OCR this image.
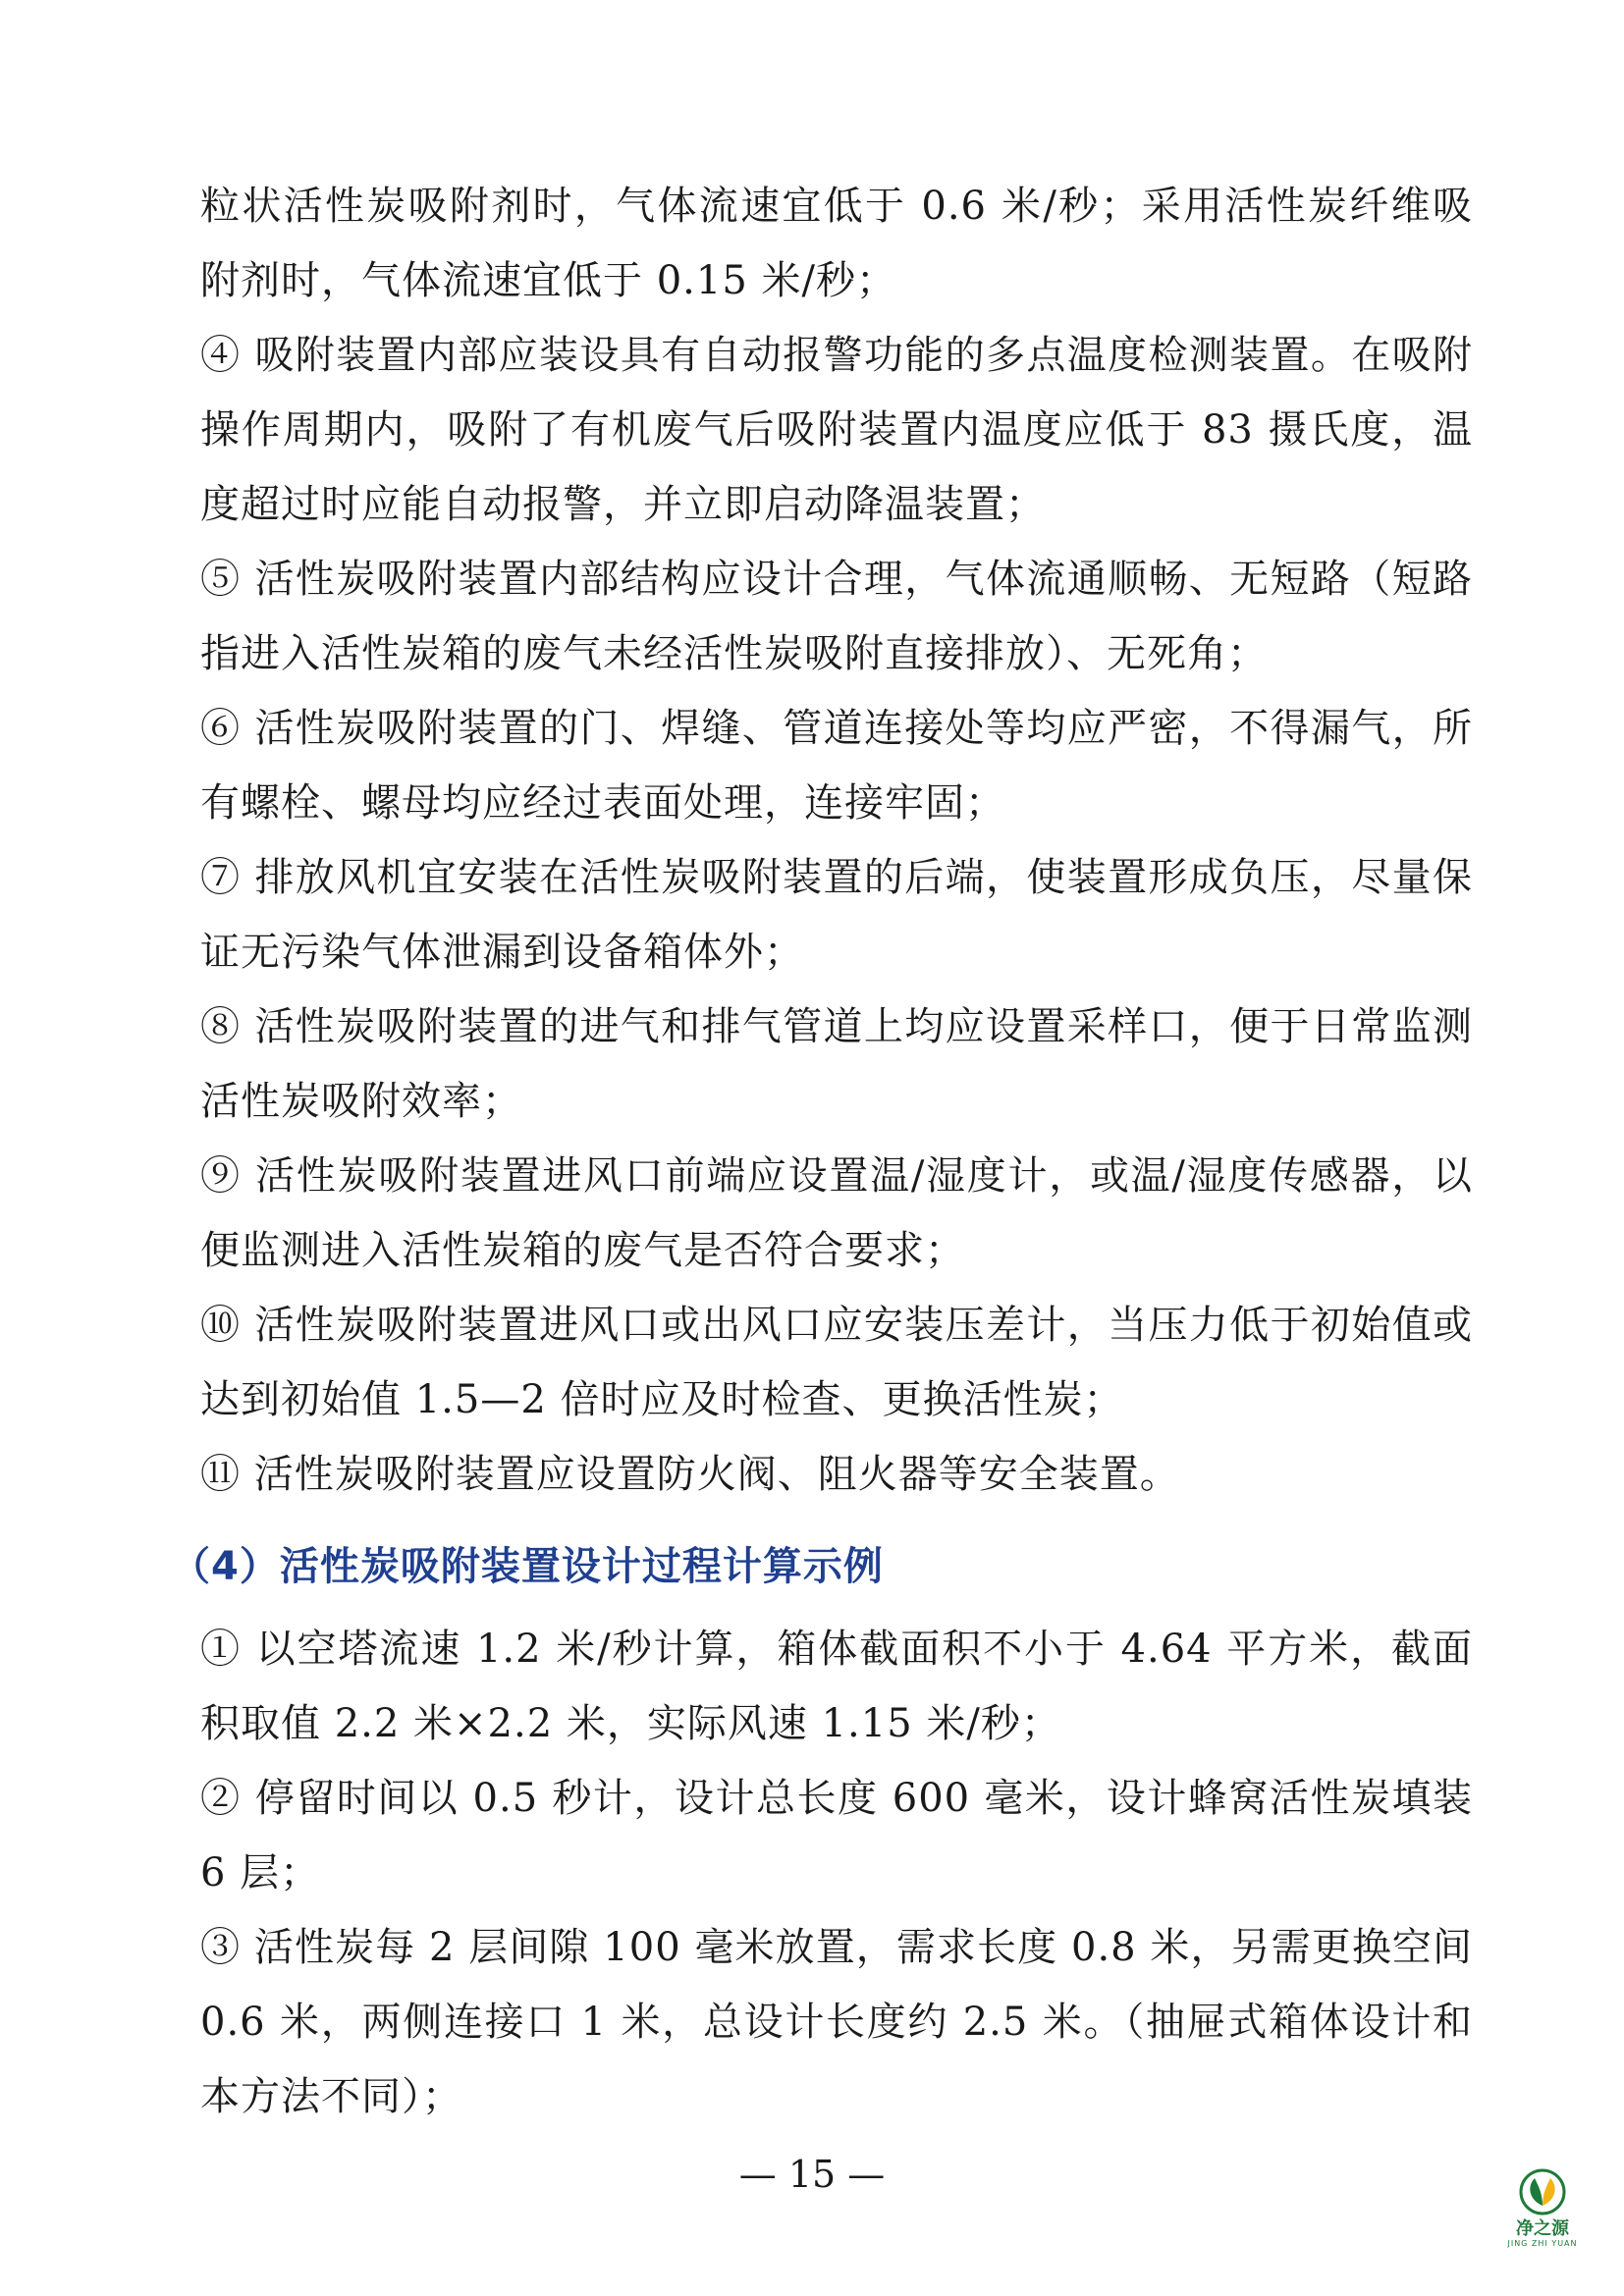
粒状活性炭吸附剂时，气体流速宜低于 0.6 米/秒；采用活性炭纤维吸附剂时，气体流速宜低于 0.15 米/秒；

④ 吸附装置内部应装设具有自动报警功能的多点温度检测装置。在吸附操作周期内，吸附了有机废气后吸附装置内温度应低于 83 摄氏度，温度超过时应能自动报警，并立即启动降温装置；

⑤ 活性炭吸附装置内部结构应设计合理，气体流通顺畅、无短路（短路指进入活性炭箱的废气未经活性炭吸附直接排放）、无死角；

⑥ 活性炭吸附装置的门、焊缝、管道连接处等均应严密，不得漏气，所有螺栓、螺母均应经过表面处理，连接牢固；

⑦ 排放风机宜安装在活性炭吸附装置的后端，使装置形成负压，尽量保证无污染气体泄漏到设备箱体外；

⑧ 活性炭吸附装置的进气和排气管道上均应设置采样口，便于日常监测活性炭吸附效率；

⑨ 活性炭吸附装置进风口前端应设置温/湿度计，或温/湿度传感器，以便监测进入活性炭箱的废气是否符合要求；

⑩ 活性炭吸附装置进风口或出风口应安装压差计，当压力低于初始值或达到初始值 1.5—2 倍时应及时检查、更换活性炭；

⑪ 活性炭吸附装置应设置防火阀、阻火器等安全装置。

（4）活性炭吸附装置设计过程计算示例

① 以空塔流速 1.2 米/秒计算，箱体截面积不小于 4.64 平方米，截面积取值 2.2 米×2.2 米，实际风速 1.15 米/秒；

② 停留时间以 0.5 秒计，设计总长度 600 毫米，设计蜂窝活性炭填装 6 层；

③ 活性炭每 2 层间隙 100 毫米放置，需求长度 0.8 米，另需更换空间 0.6 米，两侧连接口 1 米，总设计长度约 2.5 米。（抽屉式箱体设计和本方法不同）；

— 15 —
净之源
JING ZHI YUAN
